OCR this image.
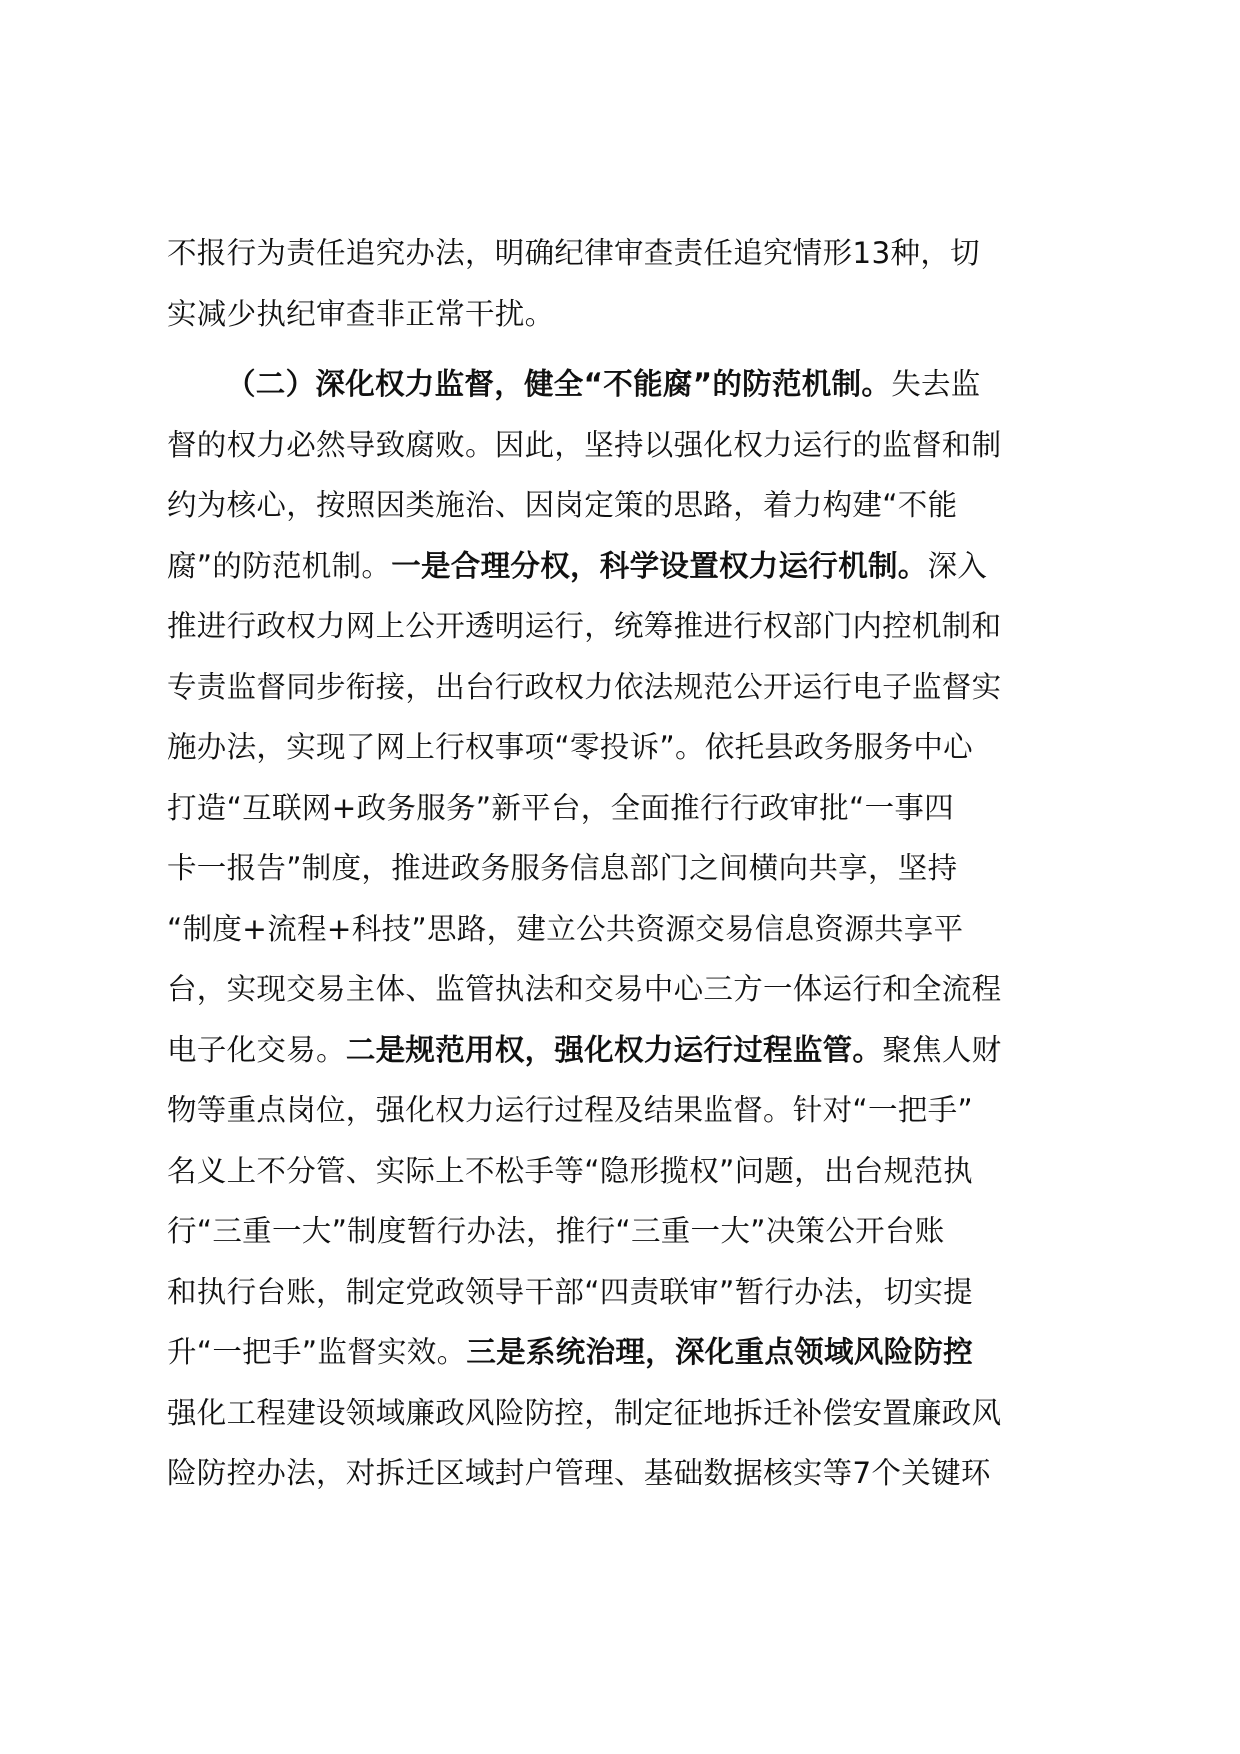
不报行为责任追究办法，明确纪律审查责任追究情形13种，切
实减少执纪审查非正常干扰。
（二）深化权力监督，健全“不能腐”的防范机制。失去监
督的权力必然导致腐败。因此，坚持以强化权力运行的监督和制
约为核心，按照因类施治、因岗定策的思路，着力构建“不能
腐”的防范机制。一是合理分权，科学设置权力运行机制。深入
推进行政权力网上公开透明运行，统筹推进行权部门内控机制和
专责监督同步衔接，出台行政权力依法规范公开运行电子监督实
施办法，实现了网上行权事项“零投诉”。依托县政务服务中心
打造“互联网+政务服务”新平台，全面推行行政审批“一事四
卡一报告”制度，推进政务服务信息部门之间横向共享，坚持
“制度+流程+科技”思路，建立公共资源交易信息资源共享平
台，实现交易主体、监管执法和交易中心三方一体运行和全流程
电子化交易。二是规范用权，强化权力运行过程监管。聚焦人财
物等重点岗位，强化权力运行过程及结果监督。针对“一把手”
名义上不分管、实际上不松手等“隐形揽权”问题，出台规范执
行“三重一大”制度暂行办法，推行“三重一大”决策公开台账
和执行台账，制定党政领导干部“四责联审”暂行办法，切实提
升“一把手”监督实效。三是系统治理，深化重点领域风险防控
强化工程建设领域廉政风险防控，制定征地拆迁补偿安置廉政风
险防控办法，对拆迁区域封户管理、基础数据核实等7个关键环
